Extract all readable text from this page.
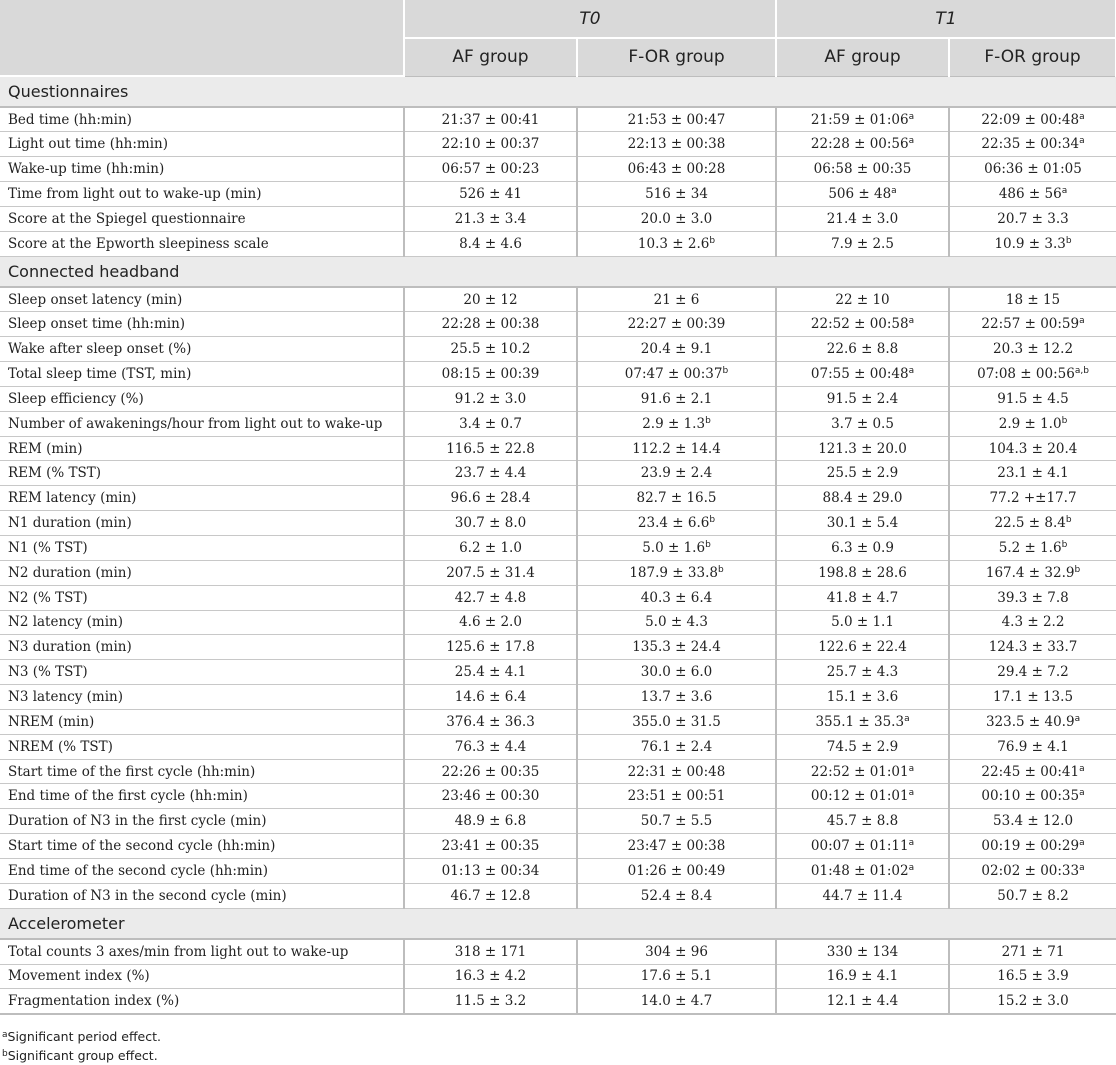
	T0		T1	
	AF group	F-OR group	AF group	F-OR group
Questionnaires				
Bed time (hh:min)	21:37 ± 00:41	21:53 ± 00:47	21:59 ± $01:06^a$	22:09 ± $00:48^a$
Light out time (hh:min)	22:10 ± 00:37	22:13 ± 00:38	22:28 ± $00:56^a$	22:35 ± $00:34^a$
Wake-up time (hh:min)	06:57 ± 00:23	06:43 ± 00:28	06:58 ± 00:35	06:36 ± 01:05
Time from light out to wake-up (min)	526 ± 41	516 ± 34	$506 \pm 48^a$	$486 \pm 56^a$
Score at the Spiegel questionnaire	21.3 ± 3.4	20.0 ± 3.0	21.4 ± 3.0	20.7 ± 3.3
Score at the Epworth sleepiness scale	8.4 ± 4.6	10.3 ± 2.6$^b$	7.9 ± 2.5	10.9 ± 3.3$^b$
Connected headband				
Sleep onset latency (min)	20 ± 12	21 ± 6	22 ± 10	18 ± 15
Sleep onset time (hh:min)	22:28 ± 00:38	22:27 ± 00:39	22:52 ± $00:58^a$	22:57 ± $00:59^a$
Wake after sleep onset (%)	25.5 ± 10.2	20.4 ± 9.1	22.6 ± 8.8	20.3 ± 12.2
Total sleep time (TST, min)	08:15 ± 00:39	07:47 ± $00:37^b$	07:55 ± $00:48^a$	07:08 ± $00:56^{a,b}$
Sleep efficiency (%)	91.2 ± 3.0	91.6 ± 2.1	91.5 ± 2.4	91.5 ± 4.5
Number of awakenings/hour from light out to wake-up	3.4 ± 0.7	2.9 ± 1.3$^b$	3.7 ± 0.5	2.9 ± 1.0$^b$
REM (min)	116.5 ± 22.8	112.2 ± 14.4	121.3 ± 20.0	104.3 ± 20.4
REM (% TST)	23.7 ± 4.4	23.9 ± 2.4	25.5 ± 2.9	23.1 ± 4.1
REM latency (min)	96.6 ± 28.4	82.7 ± 16.5	88.4 ± 29.0	77.2 +±17.7
N1 duration (min)	30.7 ± 8.0	23.4 ± 6.6$^b$	30.1 ± 5.4	22.5 ± 8.4$^b$
N1 (% TST)	6.2 ± 1.0	5.0 ± 1.6$^b$	6.3 ± 0.9	5.2 ± 1.6$^b$
N2 duration (min)	207.5 ± 31.4	187.9 ± 33.8$^b$	198.8 ± 28.6	167.4 ± 32.9$^b$
N2 (% TST)	42.7 ± 4.8	40.3 ± 6.4	41.8 ± 4.7	39.3 ± 7.8
N2 latency (min)	4.6 ± 2.0	5.0 ± 4.3	5.0 ± 1.1	4.3 ± 2.2
N3 duration (min)	125.6 ± 17.8	135.3 ± 24.4	122.6 ± 22.4	124.3 ± 33.7
N3 (% TST)	25.4 ± 4.1	30.0 ± 6.0	25.7 ± 4.3	29.4 ± 7.2
N3 latency (min)	14.6 ± 6.4	13.7 ± 3.6	15.1 ± 3.6	17.1 ± 13.5
NREM (min)	376.4 ± 36.3	355.0 ± 31.5	355.1 ± 35.3$^a$	323.5 ± 40.9$^a$
NREM (% TST)	76.3 ± 4.4	76.1 ± 2.4	74.5 ± 2.9	76.9 ± 4.1
Start time of the first cycle (hh:min)	22:26 ± 00:35	22:31 ± 00:48	22:52 ± $01:01^a$	22:45 ± $00:41^a$
End time of the first cycle (hh:min)	23:46 ± 00:30	23:51 ± 00:51	00:12 ± $01:01^a$	00:10 ± $00:35^a$
Duration of N3 in the first cycle (min)	48.9 ± 6.8	50.7 ± 5.5	45.7 ± 8.8	53.4 ± 12.0
Start time of the second cycle (hh:min)	23:41 ± 00:35	23:47 ± 00:38	00:07 ± $01:11^a$	00:19 ± $00:29^a$
End time of the second cycle (hh:min)	01:13 ± 00:34	01:26 ± 00:49	01:48 ± $01:02^a$	02:02 ± $00:33^a$
Duration of N3 in the second cycle (min)	46.7 ± 12.8	52.4 ± 8.4	44.7 ± 11.4	50.7 ± 8.2
Accelerometer				
Total counts 3 axes/min from light out to wake-up	318 ± 171	304 ± 96	330 ± 134	271 ± 71
Movement index (%)	16.3 ± 4.2	17.6 ± 5.1	16.9 ± 4.1	16.5 ± 3.9
Fragmentation index (%)	11.5 ± 3.2	14.0 ± 4.7	12.1 ± 4.4	15.2 ± 3.0
$^a$Significant period effect.
$^b$Significant group effect.
